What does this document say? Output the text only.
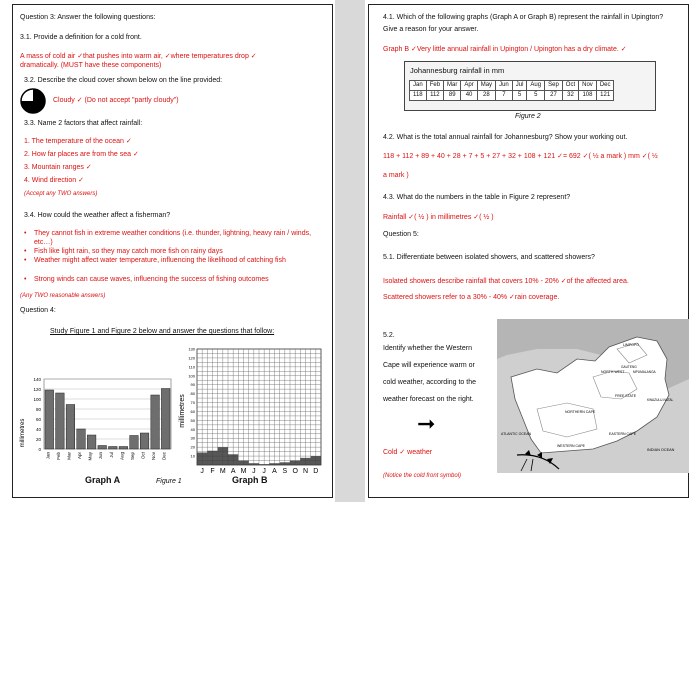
Question 3: Answer the following questions:
3.1. Provide a definition for a cold front.
A mass of cold air ✓that pushes into warm air, ✓where temperatures drop ✓
dramatically. (MUST have these components)
3.2. Describe the cloud cover shown below on the line provided:
Cloudy ✓ (Do not accept "partly cloudy")
3.3. Name 2 factors that affect rainfall:
1. The temperature of the ocean ✓
2. How far places are from the sea ✓
3. Mountain ranges ✓
4. Wind direction ✓
(Accept any TWO answers)
3.4. How could the weather affect a fisherman?
• They cannot fish in extreme weather conditions (i.e. thunder, lightning, heavy rain / winds, etc…)
• Fish like light rain, so they may catch more fish on rainy days
• Weather might affect water temperature, influencing the likelihood of catching fish
• Strong winds can cause waves, influencing the success of fishing outcomes
(Any TWO reasonable answers)
Question 4:
Study Figure 1 and Figure 2 below and answer the questions that follow:
millimetres
0
20
40
60
80
100
120
140
Jan Feb Mar Apr May Jun Jul Aug Sep Oct Nov Dec
Graph A	Figure 1
millimetres
10
20
30
40
50
60
70
80
90
100
110
120
130
J F M A M J J A S O N D
Graph B
4.1. Which of the following graphs (Graph A or Graph B) represent the rainfall in Upington?
Give a reason for your answer.
Graph B ✓Very little annual rainfall in Upington / Upington has a dry climate. ✓
Johannesburg rainfall in mm
Jan	Feb	Mar	Apr	May	Jun	Jul	Aug	Sep	Oct	Nov	Dec
118	112	89	40	28	7	5	5	27	32	108	121
Figure 2
4.2. What is the total annual rainfall for Johannesburg? Show your working out.
118 + 112 + 89 + 40 + 28 + 7 + 5 + 27 + 32 + 108 + 121 ✓= 692 ✓( ½ a mark ) mm ✓( ½
a mark )
4.3. What do the numbers in the table in Figure 2 represent?
Rainfall ✓( ½ ) in millimetres ✓( ½ )
Question 5:
5.1. Differentiate between isolated showers, and scattered showers?
Isolated showers describe rainfall that covers 10% - 20% ✓of the affected area.
Scattered showers refer to a 30% - 40% ✓rain coverage.
5.2.
Identify whether the Western
Cape will experience warm or
cold weather, according to the
weather forecast on the right.
➞
Cold ✓ weather
(Notice the cold front symbol)
LIMPOPO
NORTH WEST
GAUTENG
MPUMALANGA
FREE STATE
KWAZULU-NATAL
NORTHERN CAPE
EASTERN CAPE
WESTERN CAPE
ATLANTIC OCEAN
INDIAN OCEAN
